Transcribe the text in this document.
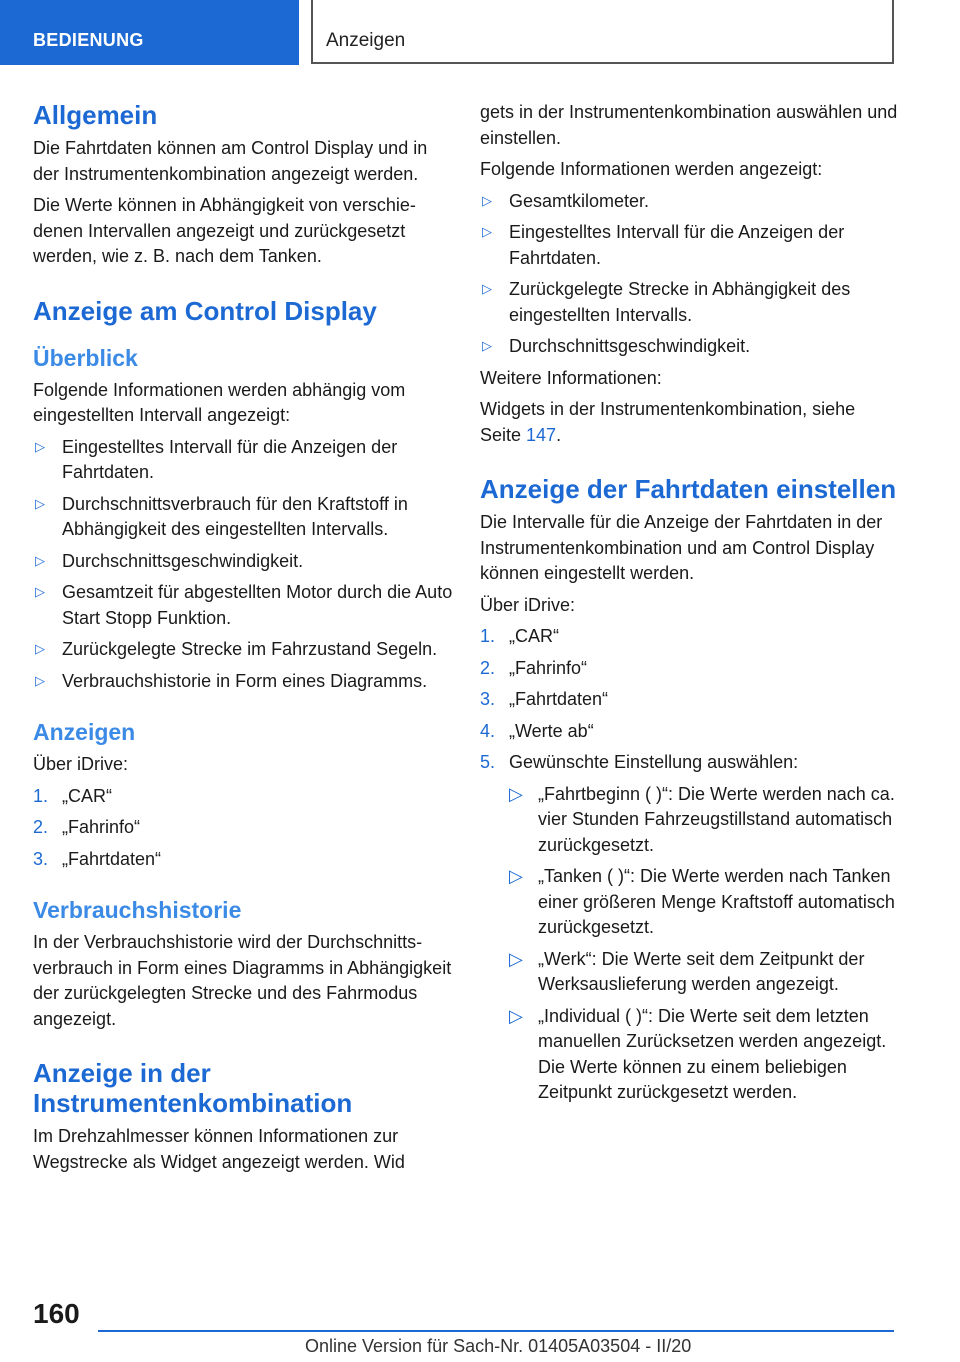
BEDIENUNG	Anzeigen
Allgemein

Die Fahrtdaten können am Control Display und in der Instrumentenkombination angezeigt werden.

Die Werte können in Abhängigkeit von verschiedenen Intervallen angezeigt und zurückgesetzt werden, wie z. B. nach dem Tanken.

Anzeige am Control Display
Überblick

Folgende Informationen werden abhängig vom eingestellten Intervall angezeigt:

▷ Eingestelltes Intervall für die Anzeigen der Fahrtdaten.
▷ Durchschnittsverbrauch für den Kraftstoff in Abhängigkeit des eingestellten Intervalls.
▷ Durchschnittsgeschwindigkeit.
▷ Gesamtzeit für abgestellten Motor durch die Auto Start Stopp Funktion.
▷ Zurückgelegte Strecke im Fahrzustand Segeln.
▷ Verbrauchshistorie in Form eines Diagramms.
Anzeigen

Über iDrive:

1. „CAR“
2. „Fahrinfo“
3. „Fahrtdaten“
Verbrauchshistorie

In der Verbrauchshistorie wird der Durchschnittsverbrauch in Form eines Diagramms in Abhängigkeit der zurückgelegten Strecke und des Fahrmodus angezeigt.

Anzeige in der Instrumentenkombination

Im Drehzahlmesser können Informationen zur Wegstrecke als Widget angezeigt werden. Wid

gets in der Instrumentenkombination auswählen und einstellen.

Folgende Informationen werden angezeigt:

▷ Gesamtkilometer.
▷ Eingestelltes Intervall für die Anzeigen der Fahrtdaten.
▷ Zurückgelegte Strecke in Abhängigkeit des eingestellten Intervalls.
▷ Durchschnittsgeschwindigkeit.

Weitere Informationen:

Widgets in der Instrumentenkombination, siehe Seite 147.

Anzeige der Fahrtdaten einstellen

Die Intervalle für die Anzeige der Fahrtdaten in der Instrumentenkombination und am Control Display können eingestellt werden.

Über iDrive:

1. „CAR“
2. „Fahrinfo“
3. „Fahrtdaten“
4. „Werte ab“
5. Gewünschte Einstellung auswählen:
▷ „Fahrtbeginn ( )“: Die Werte werden nach ca. vier Stunden Fahrzeugstillstand automatisch zurückgesetzt.
▷ „Tanken ( )“: Die Werte werden nach Tanken einer größeren Menge Kraftstoff automatisch zurückgesetzt.
▷ „Werk“: Die Werte seit dem Zeitpunkt der Werksauslieferung werden angezeigt.
▷ „Individual ( )“: Die Werte seit dem letzten manuellen Zurücksetzen werden angezeigt. Die Werte können zu einem beliebigen Zeitpunkt zurückgesetzt werden.
160
Online Version für Sach-Nr. 01405A03504 - II/20
